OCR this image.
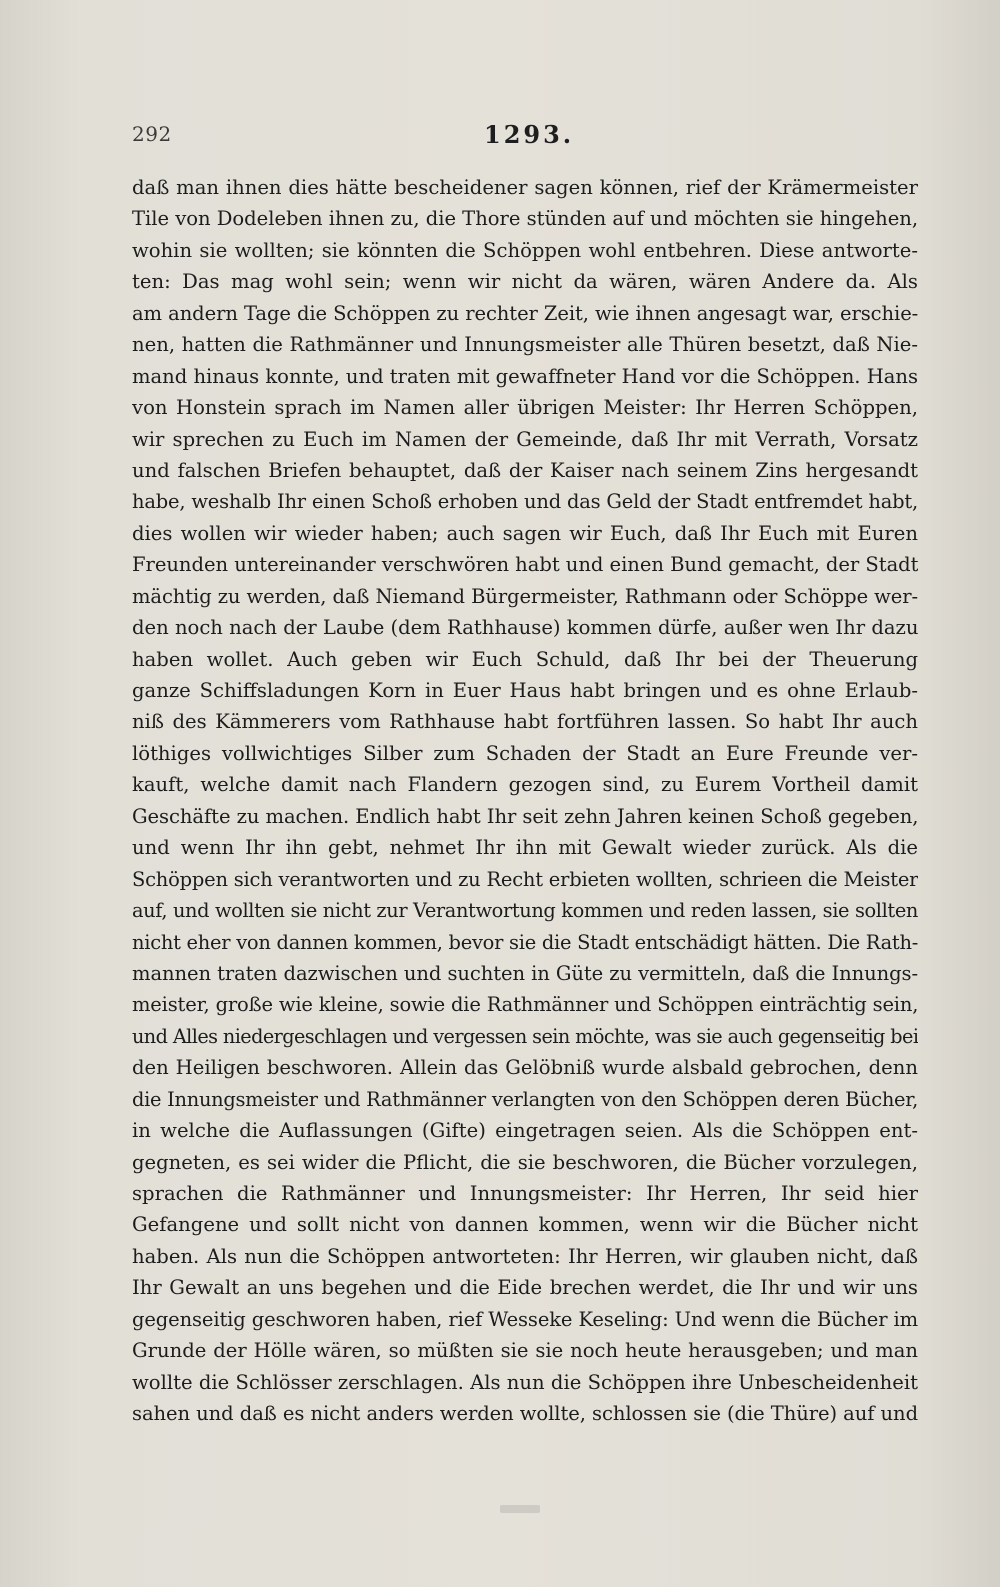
292	1293.
daß man ihnen dies hätte bescheidener sagen können, rief der Krämermeister
Tile von Dodeleben ihnen zu, die Thore stünden auf und möchten sie hingehen,
wohin sie wollten; sie könnten die Schöppen wohl entbehren. Diese antworte-
ten: Das mag wohl sein; wenn wir nicht da wären, wären Andere da. Als
am andern Tage die Schöppen zu rechter Zeit, wie ihnen angesagt war, erschie-
nen, hatten die Rathmänner und Innungsmeister alle Thüren besetzt, daß Nie-
mand hinaus konnte, und traten mit gewaffneter Hand vor die Schöppen. Hans
von Honstein sprach im Namen aller übrigen Meister: Ihr Herren Schöppen,
wir sprechen zu Euch im Namen der Gemeinde, daß Ihr mit Verrath, Vorsatz
und falschen Briefen behauptet, daß der Kaiser nach seinem Zins hergesandt
habe, weshalb Ihr einen Schoß erhoben und das Geld der Stadt entfremdet habt,
dies wollen wir wieder haben; auch sagen wir Euch, daß Ihr Euch mit Euren
Freunden untereinander verschwören habt und einen Bund gemacht, der Stadt
mächtig zu werden, daß Niemand Bürgermeister, Rathmann oder Schöppe wer-
den noch nach der Laube (dem Rathhause) kommen dürfe, außer wen Ihr dazu
haben wollet. Auch geben wir Euch Schuld, daß Ihr bei der Theuerung
ganze Schiffsladungen Korn in Euer Haus habt bringen und es ohne Erlaub-
niß des Kämmerers vom Rathhause habt fortführen lassen. So habt Ihr auch
löthiges vollwichtiges Silber zum Schaden der Stadt an Eure Freunde ver-
kauft, welche damit nach Flandern gezogen sind, zu Eurem Vortheil damit
Geschäfte zu machen. Endlich habt Ihr seit zehn Jahren keinen Schoß gegeben,
und wenn Ihr ihn gebt, nehmet Ihr ihn mit Gewalt wieder zurück. Als die
Schöppen sich verantworten und zu Recht erbieten wollten, schrieen die Meister
auf, und wollten sie nicht zur Verantwortung kommen und reden lassen, sie sollten
nicht eher von dannen kommen, bevor sie die Stadt entschädigt hätten. Die Rath-
mannen traten dazwischen und suchten in Güte zu vermitteln, daß die Innungs-
meister, große wie kleine, sowie die Rathmänner und Schöppen einträchtig sein,
und Alles niedergeschlagen und vergessen sein möchte, was sie auch gegenseitig bei
den Heiligen beschworen. Allein das Gelöbniß wurde alsbald gebrochen, denn
die Innungsmeister und Rathmänner verlangten von den Schöppen deren Bücher,
in welche die Auflassungen (Gifte) eingetragen seien. Als die Schöppen ent-
gegneten, es sei wider die Pflicht, die sie beschworen, die Bücher vorzulegen,
sprachen die Rathmänner und Innungsmeister: Ihr Herren, Ihr seid hier
Gefangene und sollt nicht von dannen kommen, wenn wir die Bücher nicht
haben. Als nun die Schöppen antworteten: Ihr Herren, wir glauben nicht, daß
Ihr Gewalt an uns begehen und die Eide brechen werdet, die Ihr und wir uns
gegenseitig geschworen haben, rief Wesseke Keseling: Und wenn die Bücher im
Grunde der Hölle wären, so müßten sie sie noch heute herausgeben; und man
wollte die Schlösser zerschlagen. Als nun die Schöppen ihre Unbescheidenheit
sahen und daß es nicht anders werden wollte, schlossen sie (die Thüre) auf und
